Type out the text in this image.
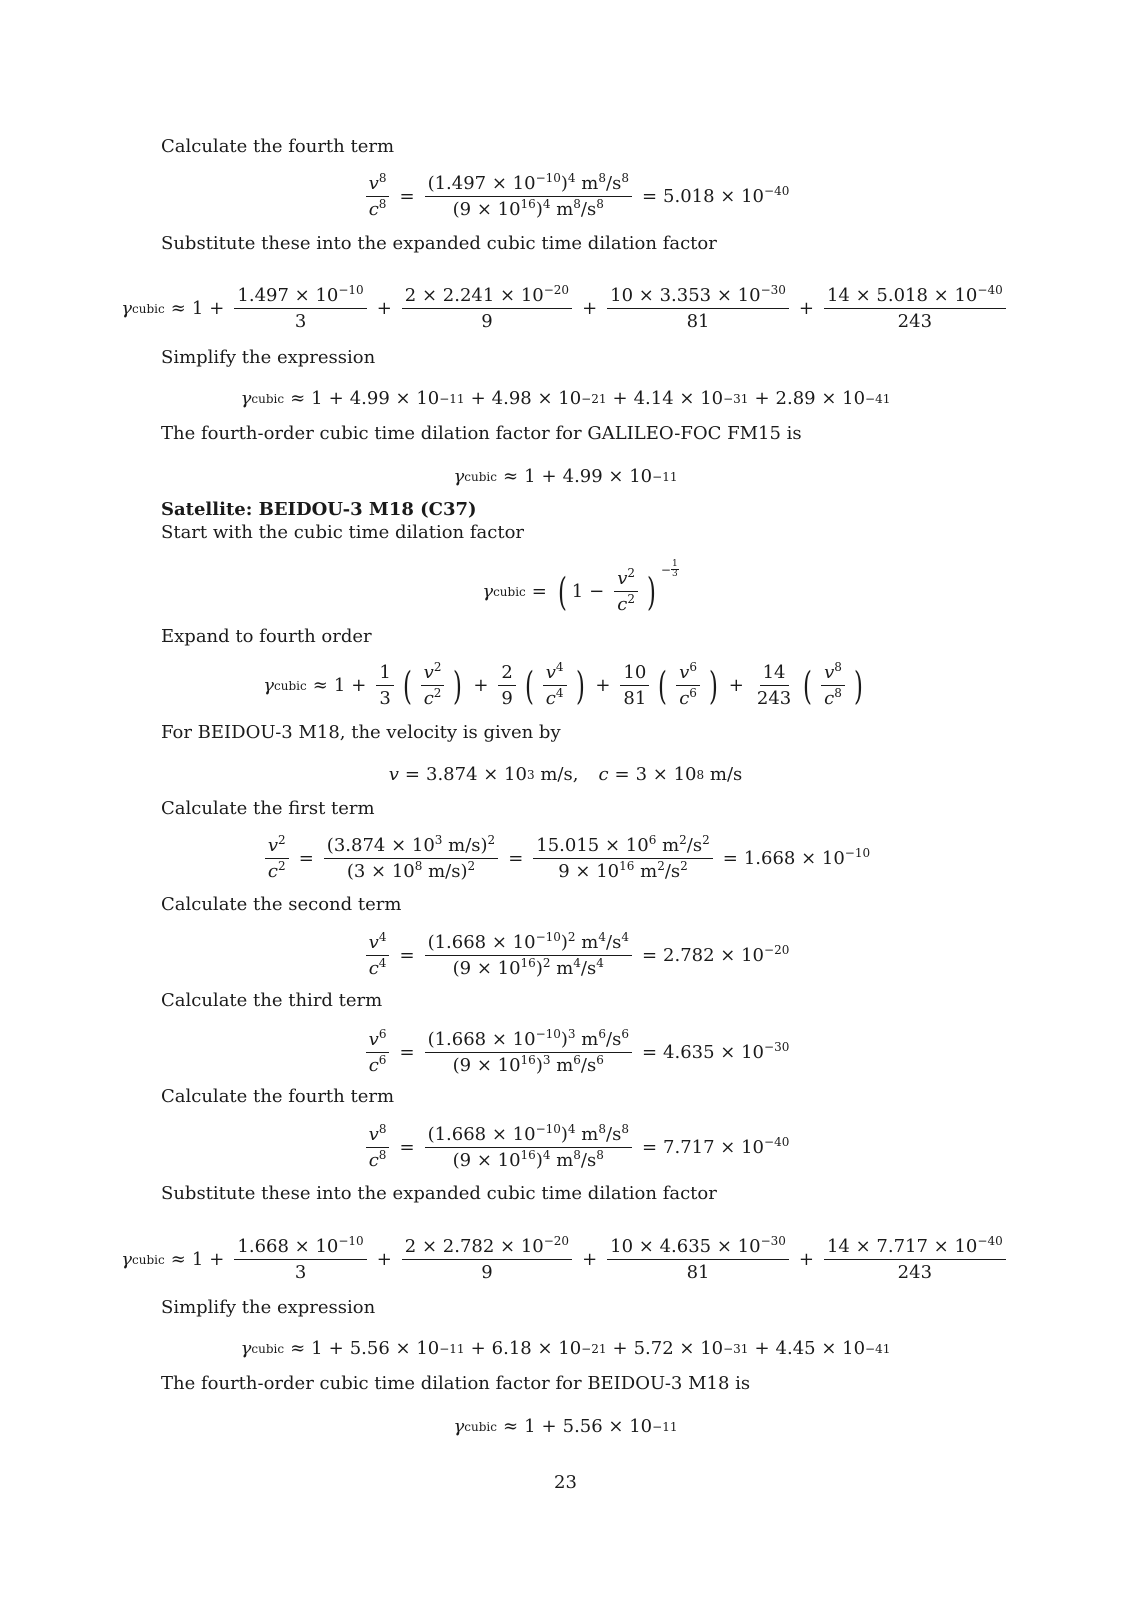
Calculate the fourth term
$\frac{v^8}{c^8} = \frac{(1.497 \times 10^{-10})^4 m^8/s^8}{(9 \times 10^{16})^4 m^8/s^8} = 5.018 \times 10^{-40}$
Substitute these into the expanded cubic time dilation factor
γ cubic ≈ $1 + \frac{1.497 \times 10^{-10}}{3} + \frac{2 \times 2.241 \times 10^{-20}}{9} + \frac{10 \times 3.353 \times 10^{-30}}{81} + \frac{14 \times 5.018 \times 10^{-40}}{243}$
Simplify the expression
γ cubic ≈ 1 + 4.99 × 10 −11 + 4.98 × 10 −21 + 4.14 × 10 −31 + 2.89 × 10 −41
The fourth-order cubic time dilation factor for GALILEO-FOC FM15 is
γ cubic ≈ 1 + 4.99 × 10 −11
Satellite: BEIDOU-3 M18 (C37)
Start with the cubic time dilation factor
γ cubic = ( $1 - \frac{v^2}{c^2}$ ) − $\frac{1}{3}$
Expand to fourth order
γ cubic ≈ $1 + \frac{1}{3}$ ( $\frac{v^2}{c^2}$ ) + $\frac{2}{9}$ ( $\frac{v^4}{c^4}$ ) + $\frac{10}{81}$ ( $\frac{v^6}{c^6}$ ) + $\frac{14}{243}$ ( $\frac{v^8}{c^8}$ )
For BEIDOU-3 M18, the velocity is given by
v = 3.874 × 10 3 m/s, c = 3 × 10 8 m/s
Calculate the first term
$\frac{v^2}{c^2} = \frac{(3.874 \times 10^3 m/s)^2}{(3 \times 10^8 m/s)^2} = \frac{15.015 \times 10^6 m^2/s^2}{9 \times 10^{16} m^2/s^2} = 1.668 \times 10^{-10}$
Calculate the second term
$\frac{v^4}{c^4} = \frac{(1.668 \times 10^{-10})^2 m^4/s^4}{(9 \times 10^{16})^2 m^4/s^4} = 2.782 \times 10^{-20}$
Calculate the third term
$\frac{v^6}{c^6} = \frac{(1.668 \times 10^{-10})^3 m^6/s^6}{(9 \times 10^{16})^3 m^6/s^6} = 4.635 \times 10^{-30}$
Calculate the fourth term
$\frac{v^8}{c^8} = \frac{(1.668 \times 10^{-10})^4 m^8/s^8}{(9 \times 10^{16})^4 m^8/s^8} = 7.717 \times 10^{-40}$
Substitute these into the expanded cubic time dilation factor
γ cubic ≈ $1 + \frac{1.668 \times 10^{-10}}{3} + \frac{2 \times 2.782 \times 10^{-20}}{9} + \frac{10 \times 4.635 \times 10^{-30}}{81} + \frac{14 \times 7.717 \times 10^{-40}}{243}$
Simplify the expression
γ cubic ≈ 1 + 5.56 × 10 −11 + 6.18 × 10 −21 + 5.72 × 10 −31 + 4.45 × 10 −41
The fourth-order cubic time dilation factor for BEIDOU-3 M18 is
γ cubic ≈ 1 + 5.56 × 10 −11
23
